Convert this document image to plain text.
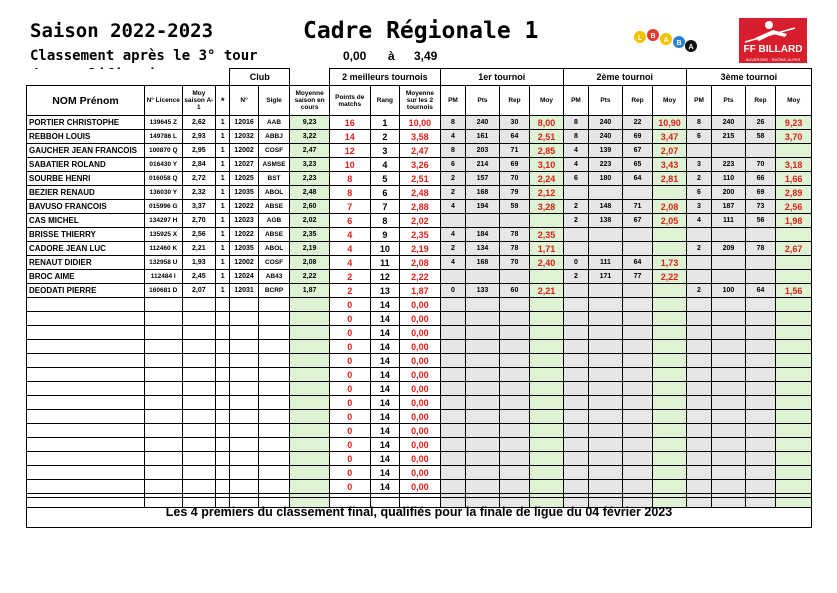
Saison 2022-2023
Classement après le 3° tour
Cadre Régionale 1
0,00 à 3,49
L B
A B
A	FF BILLARD
AUVERGNE · RHÔNE-ALPES
				Club			2 meilleurs tournois			1er tournoi				2ème tournoi				3ème tournoi			
NOM Prénom	N° Licence	Moy saison A-1	*	N°	Sigle	Moyenne saison en cours	Points de matchs	Rang	Moyenne sur les 2 tournois	PM	Pts	Rep	Moy	PM	Pts	Rep	Moy	PM	Pts	Rep	Moy
PORTIER CHRISTOPHE	139645 Z	2,62	1	12016	AAB	9,23	16	1	10,00	8	240	30	8,00	8	240	22	10,90	8	240	26	9,23
REBBOH LOUIS	149786 L	2,93	1	12032	ABBJ	3,22	14	2	3,58	4	161	64	2,51	8	240	69	3,47	6	215	58	3,70
GAUCHER JEAN FRANCOIS	100870 Q	2,95	1	12002	COSF	2,47	12	3	2,47	8	203	71	2,85	4	139	67	2,07				
SABATIER ROLAND	016430 Y	2,84	1	12027	ASMSE	3,23	10	4	3,26	6	214	69	3,10	4	223	65	3,43	3	223	70	3,18
SOURBE HENRI	016058 Q	2,72	1	12025	BST	2,23	8	5	2,51	2	157	70	2,24	6	180	64	2,81	2	110	66	1,66
BEZIER RENAUD	136030 Y	2,32	1	12035	ABOL	2,48	8	6	2,48	2	168	79	2,12					6	200	69	2,89
BAVUSO FRANCOIS	015996 G	3,37	1	12022	ABSE	2,60	7	7	2,88	4	194	59	3,28	2	148	71	2,08	3	187	73	2,56
CAS MICHEL	134297 H	2,70	1	12023	AGB	2,02	6	8	2,02					2	138	67	2,05	4	111	56	1,98
BRISSE THIERRY	135925 X	2,56	1	12022	ABSE	2,35	4	9	2,35	4	184	78	2,35								
CADORE JEAN LUC	112460 K	2,21	1	12035	ABOL	2,19	4	10	2,19	2	134	78	1,71					2	209	78	2,67
RENAUT DIDIER	132958 U	1,93	1	12002	COSF	2,08	4	11	2,08	4	168	70	2,40	0	111	64	1,73				
BROC AIME	112484 I	2,45	1	12024	AB43	2,22	2	12	2,22					2	171	77	2,22				
DEODATI PIERRE	160681 D	2,07	1	12031	BCRP	1,87	2	13	1,87	0	133	60	2,21					2	100	64	1,56
							0	14	0,00												
							0	14	0,00												
							0	14	0,00												
							0	14	0,00												
							0	14	0,00												
							0	14	0,00												
							0	14	0,00												
							0	14	0,00												
							0	14	0,00												
							0	14	0,00												
							0	14	0,00												
							0	14	0,00												
							0	14	0,00												
							0	14	0,00												

Les 4 premiers du classement final, qualifiés pour la finale de ligue du 04 février 2023
